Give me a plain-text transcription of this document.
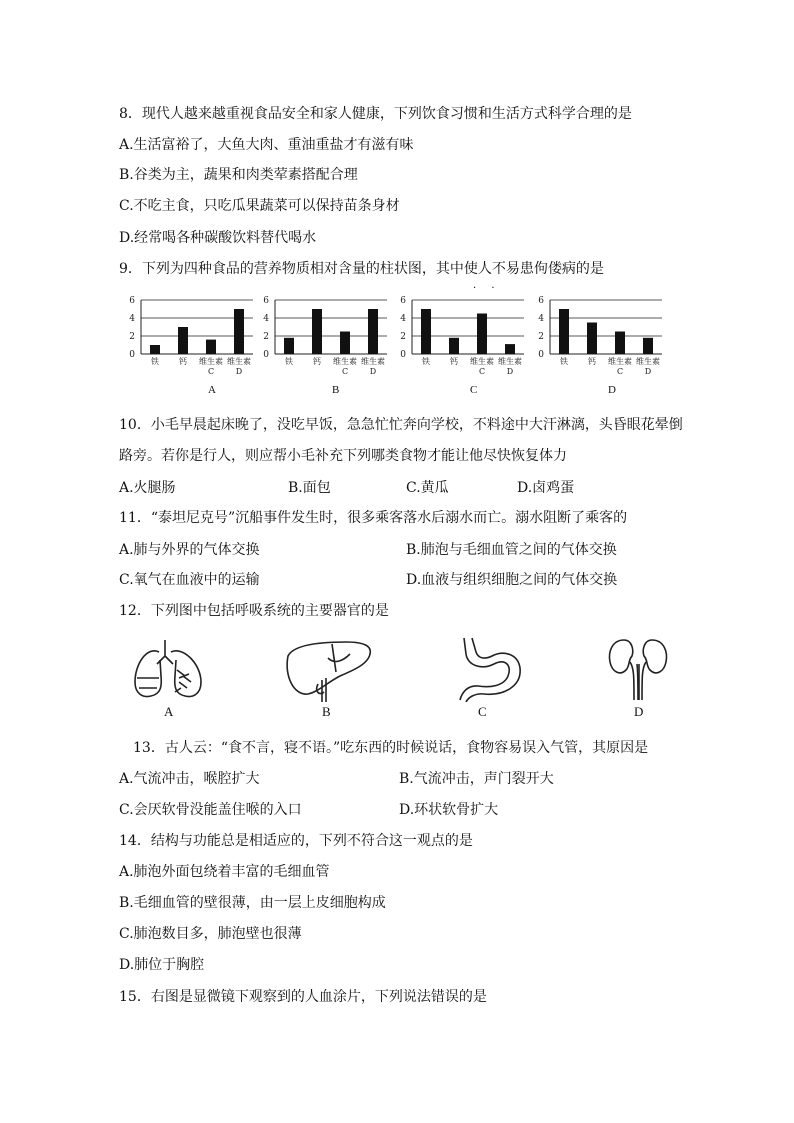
8．现代人越来越重视食品安全和家人健康，下列饮食习惯和生活方式科学合理的是
A.生活富裕了，大鱼大肉、重油重盐才有滋有味
B.谷类为主，蔬果和肉类荤素搭配合理
C.不吃主食，只吃瓜果蔬菜可以保持苗条身材
D.经常喝各种碳酸饮料替代喝水
9．下列为四种食品的营养物质相对含量的柱状图，其中使人不易患佝偻病的是
· ·
0
2
4
6
铁	钙 维生素
C
维生素
D
0
2
4
6
铁	钙 维生素
C
维生素
D
0
2
4
6
铁	钙 维生素
C
维生素
D
0
2
4
6
铁	钙 维生素
C
维生素
D
A	B	C	D
10．小毛早晨起床晚了，没吃早饭，急急忙忙奔向学校，不料途中大汗淋漓，头昏眼花晕倒
路旁。若你是行人，则应帮小毛补充下列哪类食物才能让他尽快恢复体力
A.火腿肠	B.面包	C.黄瓜	D.卤鸡蛋
11．“泰坦尼克号”沉船事件发生时，很多乘客落水后溺水而亡。溺水阻断了乘客的
A.肺与外界的气体交换	B.肺泡与毛细血管之间的气体交换
C.氧气在血液中的运输	D.血液与组织细胞之间的气体交换
12．下列图中包括呼吸系统的主要器官的是
A	B	C	D
13．古人云：“食不言，寝不语。”吃东西的时候说话，食物容易误入气管，其原因是
A.气流冲击，喉腔扩大	B.气流冲击，声门裂开大
C.会厌软骨没能盖住喉的入口	D.环状软骨扩大
14．结构与功能总是相适应的，下列不符合这一观点的是
A.肺泡外面包绕着丰富的毛细血管
B.毛细血管的壁很薄，由一层上皮细胞构成
C.肺泡数目多，肺泡壁也很薄
D.肺位于胸腔
15．右图是显微镜下观察到的人血涂片，下列说法错误的是
